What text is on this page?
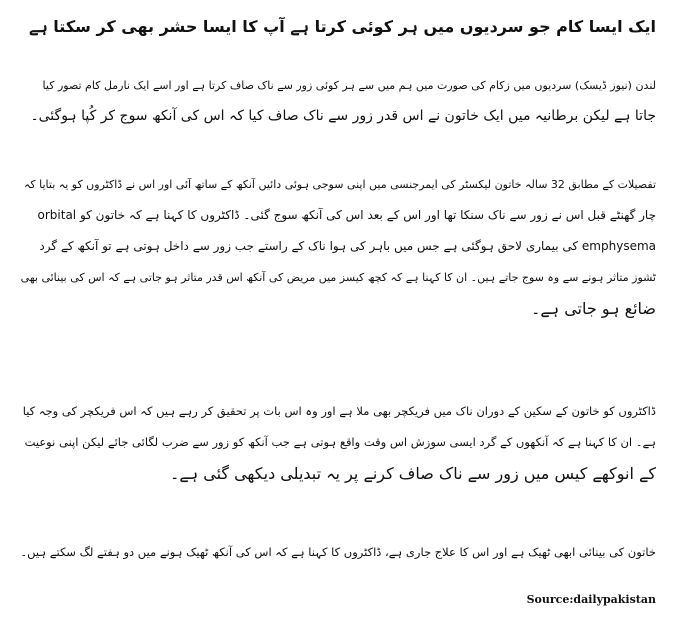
ایک ایسا کام جو سردیوں میں ہر کوئی کرتا ہے آپ کا ایسا حشر بھی کر سکتا ہے
لندن (نیوز ڈیسک) سردیوں میں زکام کی صورت میں ہم میں سے ہر کوئی زور سے ناک صاف کرتا ہے اور اسے ایک نارمل کام تصور کیا
جاتا ہے لیکن برطانیہ میں ایک خاتون نے اس قدر زور سے ناک صاف کیا کہ اس کی آنکھ سوج کر کُپا ہوگئی۔
تفصیلات کے مطابق 32 سالہ خاتون لیکسٹر کی ایمرجنسی میں اپنی سوجی ہوئی دائیں آنکھ کے ساتھ آئی اور اس نے ڈاکٹروں کو یہ بتایا کہ
چار گھنٹے قبل اس نے زور سے ناک سنکا تھا اور اس کے بعد اس کی آنکھ سوج گئی۔ ڈاکٹروں کا کہنا ہے کہ خاتون کو orbital
emphysema کی بیماری لاحق ہوگئی ہے جس میں باہر کی ہوا ناک کے راستے جب زور سے داخل ہوتی ہے تو آنکھ کے گرد
ٹشوز متاثر ہونے سے وہ سوج جاتے ہیں۔ ان کا کہنا ہے کہ کچھ کیسز میں مریض کی آنکھ اس قدر متاثر ہو جاتی ہے کہ اس کی بینائی بھی
ضائع ہو جاتی ہے۔
ڈاکٹروں کو خاتون کے سکین کے دوران ناک میں فریکچر بھی ملا ہے اور وہ اس بات پر تحقیق کر رہے ہیں کہ اس فریکچر کی وجہ کیا
ہے۔ ان کا کہنا ہے کہ آنکھوں کے گرد ایسی سوزش اس وقت واقع ہوتی ہے جب آنکھ کو زور سے ضرب لگائی جائے لیکن اپنی نوعیت
کے انوکھے کیس میں زور سے ناک صاف کرنے پر یہ تبدیلی دیکھی گئی ہے۔
خاتون کی بینائی ابھی ٹھیک ہے اور اس کا علاج جاری ہے، ڈاکٹروں کا کہنا ہے کہ اس کی آنکھ ٹھیک ہونے میں دو ہفتے لگ سکتے ہیں۔
Source:dailypakistan
